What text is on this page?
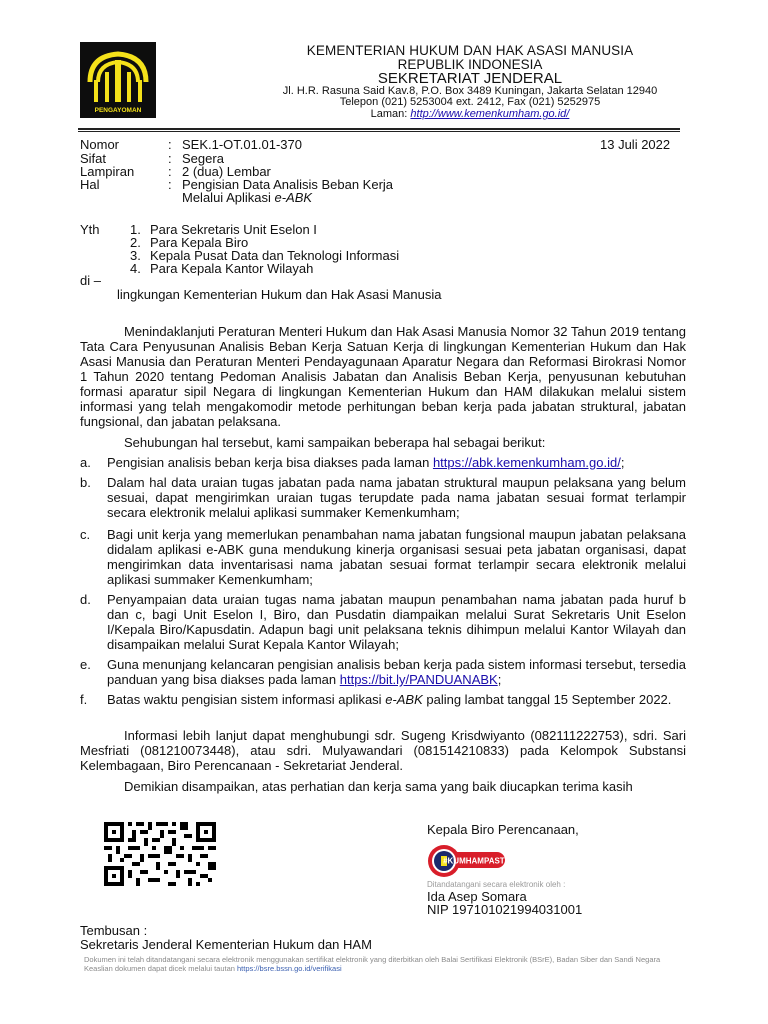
PENGAYOMAN
KEMENTERIAN HUKUM DAN HAK ASASI MANUSIA
REPUBLIK INDONESIA
SEKRETARIAT JENDERAL
Jl. H.R. Rasuna Said Kav.8, P.O. Box 3489 Kuningan, Jakarta Selatan 12940
Telepon (021) 5253004 ext. 2412, Fax (021) 5252975
Laman: http://www.kemenkumham.go.id/
Nomor	: SEK.1-OT.01.01-370	13 Juli 2022
Sifat	: Segera
Lampiran	: 2 (dua) Lembar
Hal	: Pengisian Data Analisis Beban Kerja
Melalui Aplikasi e-ABK
Yth 1. Para Sekretaris Unit Eselon I
2. Para Kepala Biro
3. Kepala Pusat Data dan Teknologi Informasi
4. Para Kepala Kantor Wilayah
di –
lingkungan Kementerian Hukum dan Hak Asasi Manusia
Menindaklanjuti Peraturan Menteri Hukum dan Hak Asasi Manusia Nomor 32 Tahun 2019 tentang Tata Cara Penyusunan Analisis Beban Kerja Satuan Kerja di lingkungan Kementerian Hukum dan Hak Asasi Manusia dan Peraturan Menteri Pendayagunaan Aparatur Negara dan Reformasi Birokrasi Nomor 1 Tahun 2020 tentang Pedoman Analisis Jabatan dan Analisis Beban Kerja, penyusunan kebutuhan formasi aparatur sipil Negara di lingkungan Kementerian Hukum dan HAM dilakukan melalui sistem informasi yang telah mengakomodir metode perhitungan beban kerja pada jabatan struktural, jabatan fungsional, dan jabatan pelaksana.
Sehubungan hal tersebut, kami sampaikan beberapa hal sebagai berikut:
a. Pengisian analisis beban kerja bisa diakses pada laman https://abk.kemenkumham.go.id/;
b. Dalam hal data uraian tugas jabatan pada nama jabatan struktural maupun pelaksana yang belum sesuai, dapat mengirimkan uraian tugas terupdate pada nama jabatan sesuai format terlampir secara elektronik melalui aplikasi summaker Kemenkumham;
c. Bagi unit kerja yang memerlukan penambahan nama jabatan fungsional maupun jabatan pelaksana didalam aplikasi e-ABK guna mendukung kinerja organisasi sesuai peta jabatan organisasi, dapat mengirimkan data inventarisasi nama jabatan sesuai format terlampir secara elektronik melalui aplikasi summaker Kemenkumham;
d. Penyampaian data uraian tugas nama jabatan maupun penambahan nama jabatan pada huruf b dan c, bagi Unit Eselon I, Biro, dan Pusdatin diampaikan melalui Surat Sekretaris Unit Eselon I/Kepala Biro/Kapusdatin. Adapun bagi unit pelaksana teknis dihimpun melalui Kantor Wilayah dan disampaikan melalui Surat Kepala Kantor Wilayah;
e. Guna menunjang kelancaran pengisian analisis beban kerja pada sistem informasi tersebut, tersedia panduan yang bisa diakses pada laman https://bit.ly/PANDUANABK;
f. Batas waktu pengisian sistem informasi aplikasi e-ABK paling lambat tanggal 15 September 2022.
Informasi lebih lanjut dapat menghubungi sdr. Sugeng Krisdwiyanto (082111222753), sdri. Sari Mesfriati (081210073448), atau sdri. Mulyawandari (081514210833) pada Kelompok Substansi Kelembagaan, Biro Perencanaan - Sekretariat Jenderal.
Demikian disampaikan, atas perhatian dan kerja sama yang baik diucapkan terima kasih
Kepala Biro Perencanaan,
#KUMHAMPASTI
Ditandatangani secara elektronik oleh :
Ida Asep Somara
NIP 197101021994031001
Tembusan :
Sekretaris Jenderal Kementerian Hukum dan HAM
Dokumen ini telah ditandatangani secara elektronik menggunakan sertifikat elektronik yang diterbitkan oleh Balai Sertifikasi Elektronik (BSrE), Badan Siber dan Sandi Negara
Keaslian dokumen dapat dicek melalui tautan https://bsre.bssn.go.id/verifikasi
